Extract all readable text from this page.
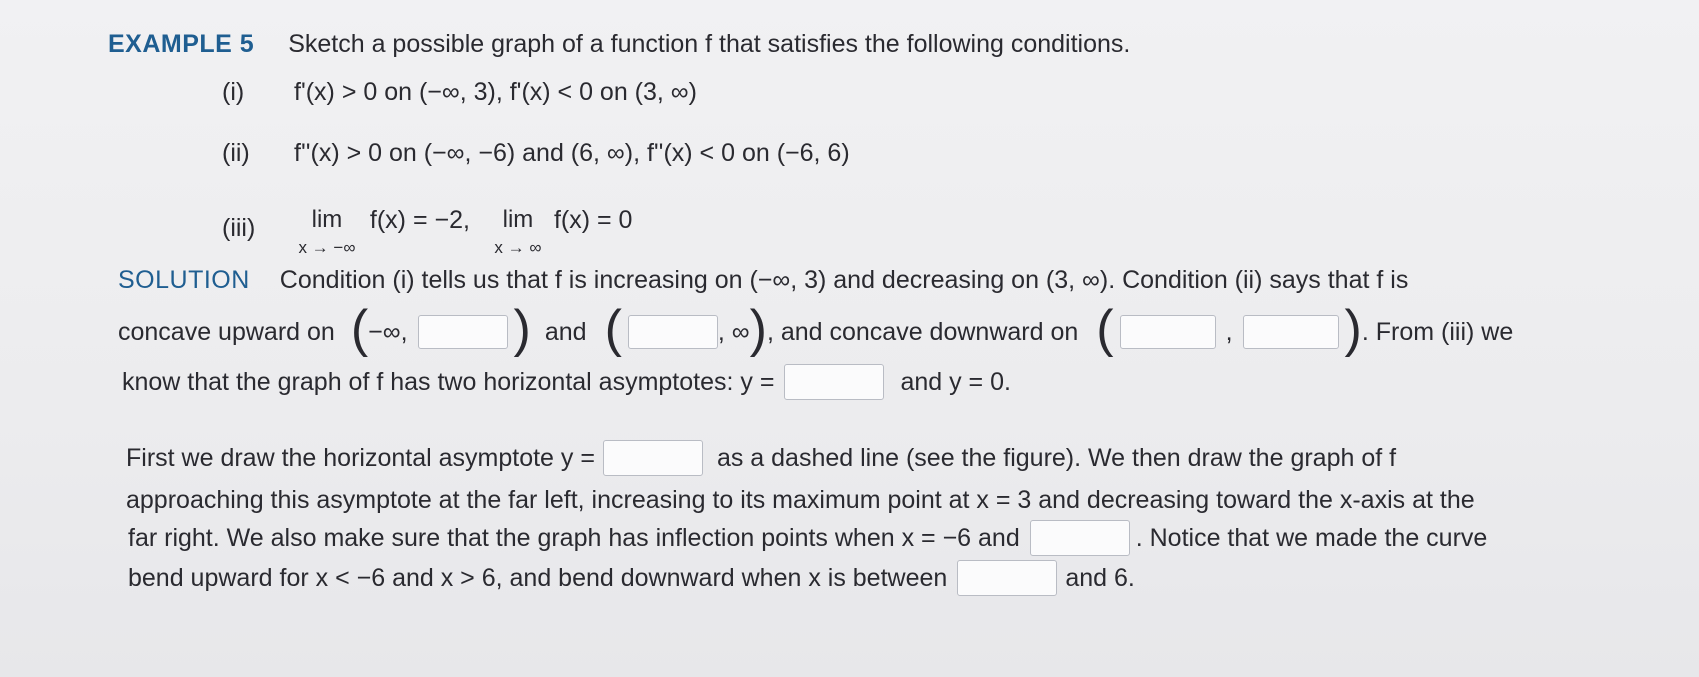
EXAMPLE 5 Sketch a possible graph of a function f that satisfies the following conditions.
(i)	f'(x) > 0 on (−∞, 3), f'(x) < 0 on (3, ∞)
(ii)	f''(x) > 0 on (−∞, −6) and (6, ∞), f''(x) < 0 on (−6, 6)
(iii)	lim
x → −∞
f(x) = −2,	lim
x → ∞
f(x) = 0
SOLUTION Condition (i) tells us that f is increasing on (−∞, 3) and decreasing on (3, ∞). Condition (ii) says that f is
concave upward on ( −∞, ) and (	, ∞ ) , and concave downward on (	, ) . From (iii) we
know that the graph of f has two horizontal asymptotes: y =	and y = 0.
First we draw the horizontal asymptote y =	as a dashed line (see the figure). We then draw the graph of f
approaching this asymptote at the far left, increasing to its maximum point at x = 3 and decreasing toward the x-axis at the
far right. We also make sure that the graph has inflection points when x = −6 and	. Notice that we made the curve
bend upward for x < −6 and x > 6, and bend downward when x is between	and 6.
